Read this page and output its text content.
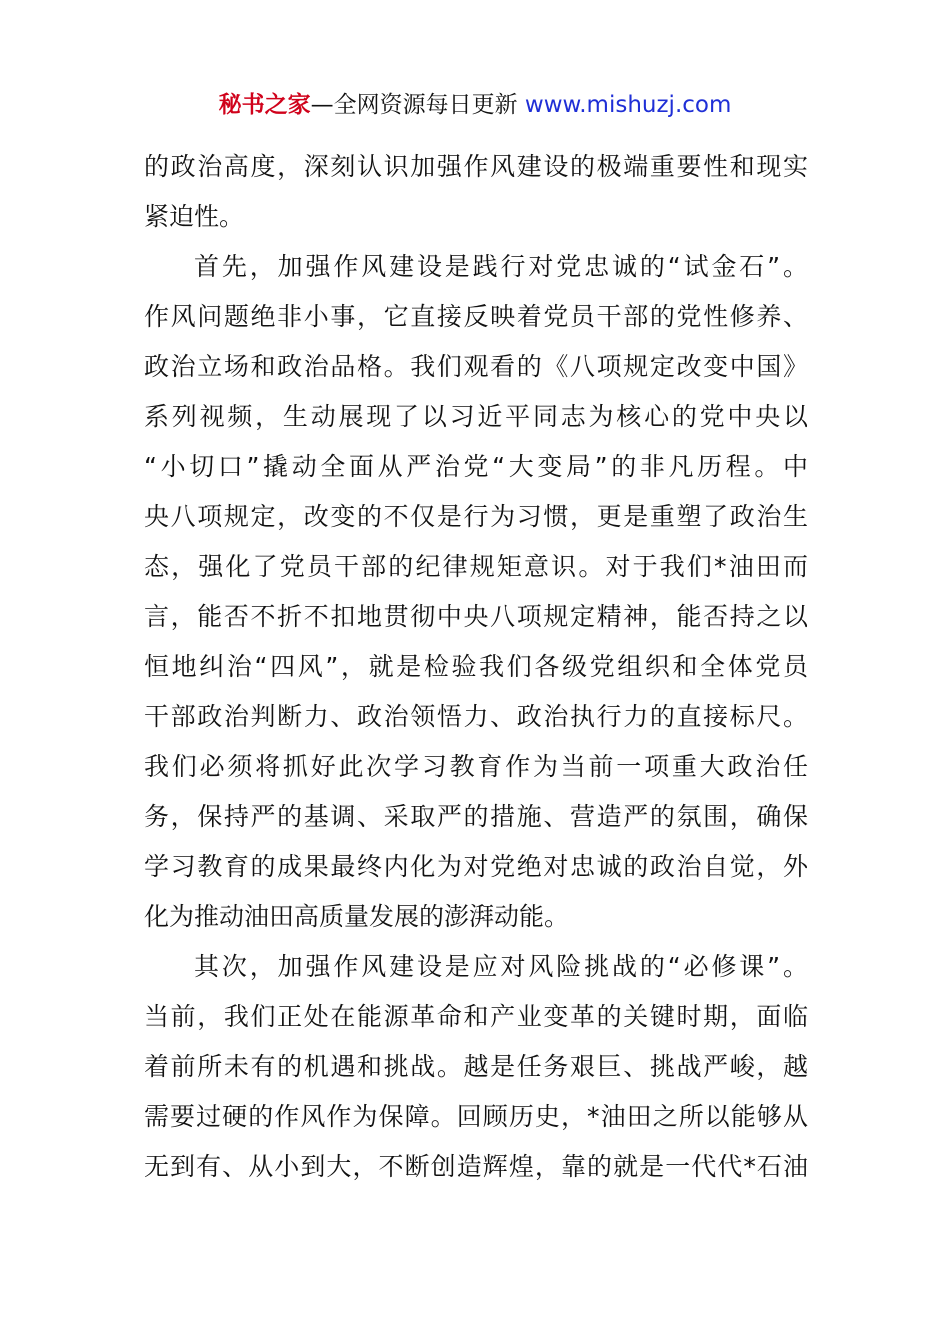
秘书之家—全网资源每日更新 www.mishuzj.com
的政治高度，深刻认识加强作风建设的极端重要性和现实
紧迫性。
首先，加强作风建设是践行对党忠诚的“试金石”。
作风问题绝非小事，它直接反映着党员干部的党性修养、
政治立场和政治品格。我们观看的《八项规定改变中国》
系列视频，生动展现了以习近平同志为核心的党中央以
“小切口”撬动全面从严治党“大变局”的非凡历程。中
央八项规定，改变的不仅是行为习惯，更是重塑了政治生
态，强化了党员干部的纪律规矩意识。对于我们*油田而
言，能否不折不扣地贯彻中央八项规定精神，能否持之以
恒地纠治“四风”，就是检验我们各级党组织和全体党员
干部政治判断力、政治领悟力、政治执行力的直接标尺。
我们必须将抓好此次学习教育作为当前一项重大政治任
务，保持严的基调、采取严的措施、营造严的氛围，确保
学习教育的成果最终内化为对党绝对忠诚的政治自觉，外
化为推动油田高质量发展的澎湃动能。
其次，加强作风建设是应对风险挑战的“必修课”。
当前，我们正处在能源革命和产业变革的关键时期，面临
着前所未有的机遇和挑战。越是任务艰巨、挑战严峻，越
需要过硬的作风作为保障。回顾历史，*油田之所以能够从
无到有、从小到大，不断创造辉煌，靠的就是一代代*石油
